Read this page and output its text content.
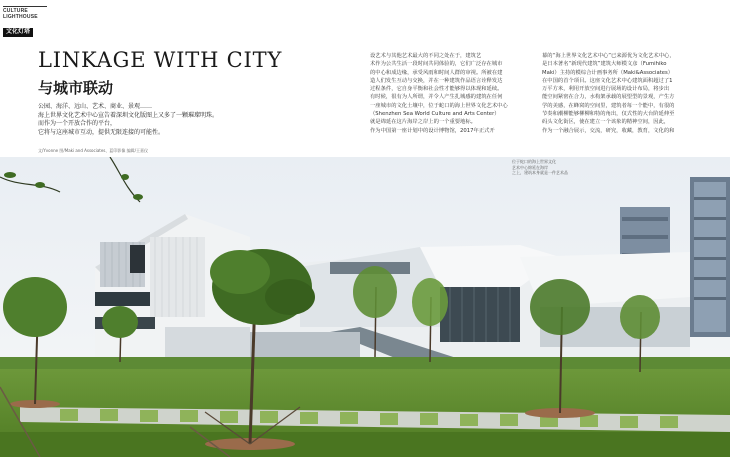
CULTURE
LIGHTHOUSE
文化灯塔
LINKAGE WITH CITY
与城市联动
公园、海洋、远山、艺术、商业、景观……
海上世界文化艺术中心宣告着深圳文化版图上又多了一颗璀璨明珠。
而作为一个开放合作的平台，
它将与这座城市互动，提供无限连接的可能性。
文/Yvonne 图/Maki and Associates、蓝印影像 编辑/王嘉仪
设艺术与其他艺术最大的不同之处在于，建筑艺
术作为公共生活一段时间共同体验的，它们广泛存在城市
的中心和成边缘，承受风雨和时间人群的审视。所被在建
造人们发生互动与交换，并在一种建筑作品语言诠释发达
过程条件，它自身平衡和社会性才能够得以体现和延续。
有时候，很有为人所谓，并令人产生扎城感的建筑在任何
一座城市的文化土壤中，位于蛇口的海上世界文化艺术中心
（Shenzhen Sea World Culture and Arts Center）
就是绵延在这片海岸之岸上的一个重要地标。
作为中国第一座计划中的设计博物馆，2017年正式开
幕的“海上世界文化艺术中心”已来源优为文化艺术中心，
是日本著名“新现代建筑”建筑大师模文彦（Fumihiko
Maki）主持的模综合计画事务所（Maki&Associates）
在中国的首个项目。这座文化艺术中心建筑面积超过了1
万平方米，利用开放空间进行展场的设计布局，将步出
能空间紧密在合力，水构架承载的展望型的景观，产生方
学的美感，在蜂窝的空间里，建筑者每一个能中，有很的
节奏和潮柳能够柳柳和特的角出，仅式性的大台阶延伸至
码头文化街区，使在建立一个该象的精神空间，因此，
作为一个融合展示，交流，研究，收藏，教育，文化的和
位于蛇口的海上世界文化
艺术中心绵延在海岸
之上，建筑本身就是一件艺术品
